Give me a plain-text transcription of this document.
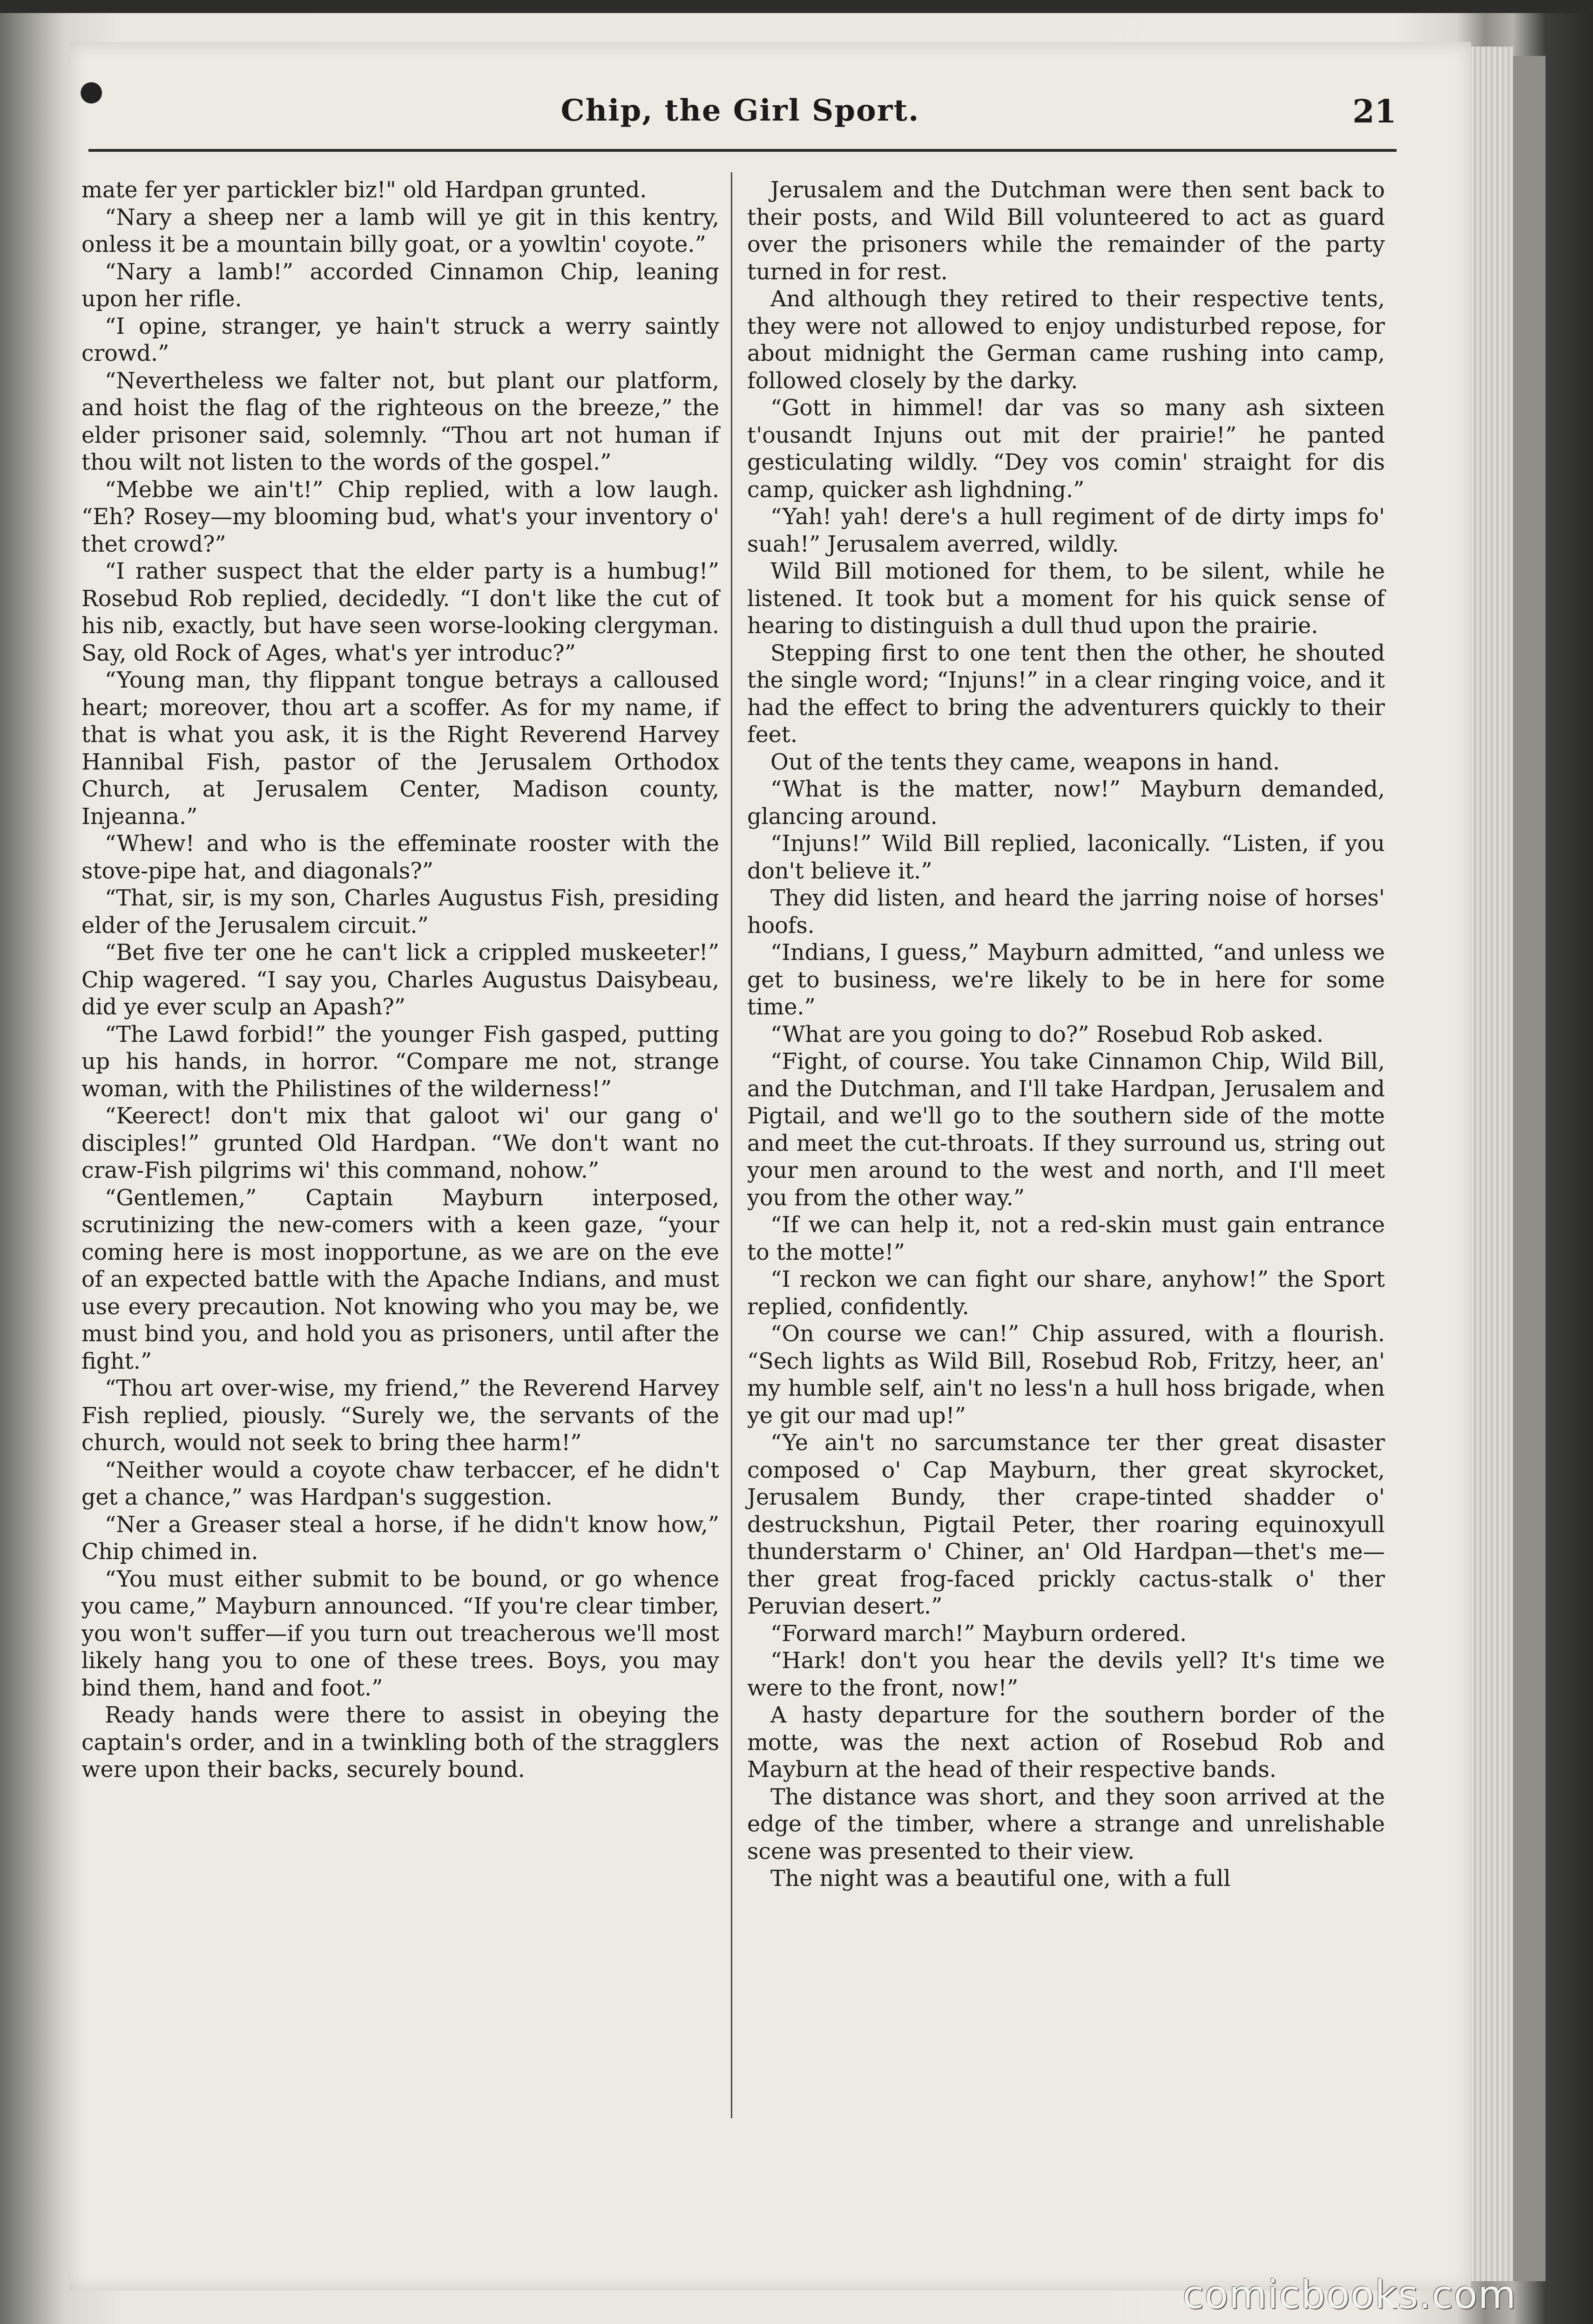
●
Chip, the Girl Sport.	21

mate fer yer partickler biz!" old Hardpan grunted.

“Nary a sheep ner a lamb will ye git in this kentry, onless it be a mountain billy goat, or a yowltin' coyote.”

“Nary a lamb!” accorded Cinnamon Chip, leaning upon her rifle.

“I opine, stranger, ye hain't struck a werry saintly crowd.”

“Nevertheless we falter not, but plant our platform, and hoist the flag of the righteous on the breeze,” the elder prisoner said, solemnly. “Thou art not human if thou wilt not listen to the words of the gospel.”

“Mebbe we ain't!” Chip replied, with a low laugh. “Eh? Rosey—my blooming bud, what's your inventory o' thet crowd?”

“I rather suspect that the elder party is a humbug!” Rosebud Rob replied, decidedly. “I don't like the cut of his nib, exactly, but have seen worse-looking clergyman. Say, old Rock of Ages, what's yer introduc?”

“Young man, thy flippant tongue betrays a calloused heart; moreover, thou art a scoffer. As for my name, if that is what you ask, it is the Right Reverend Harvey Hannibal Fish, pastor of the Jerusalem Orthodox Church, at Jerusalem Center, Madison county, Injeanna.”

“Whew! and who is the effeminate rooster with the stove-pipe hat, and diagonals?”

“That, sir, is my son, Charles Augustus Fish, presiding elder of the Jerusalem circuit.”

“Bet five ter one he can't lick a crippled muskeeter!” Chip wagered. “I say you, Charles Augustus Daisybeau, did ye ever sculp an Apash?”

“The Lawd forbid!” the younger Fish gasped, putting up his hands, in horror. “Compare me not, strange woman, with the Philistines of the wilderness!”

“Keerect! don't mix that galoot wi' our gang o' disciples!” grunted Old Hardpan. “We don't want no craw-Fish pilgrims wi' this command, nohow.”

“Gentlemen,” Captain Mayburn interposed, scrutinizing the new-comers with a keen gaze, “your coming here is most inopportune, as we are on the eve of an expected battle with the Apache Indians, and must use every precaution. Not knowing who you may be, we must bind you, and hold you as prisoners, until after the fight.”

“Thou art over-wise, my friend,” the Reverend Harvey Fish replied, piously. “Surely we, the servants of the church, would not seek to bring thee harm!”

“Neither would a coyote chaw terbaccer, ef he didn't get a chance,” was Hardpan's suggestion.

“Ner a Greaser steal a horse, if he didn't know how,” Chip chimed in.

“You must either submit to be bound, or go whence you came,” Mayburn announced. “If you're clear timber, you won't suffer—if you turn out treacherous we'll most likely hang you to one of these trees. Boys, you may bind them, hand and foot.”

Ready hands were there to assist in obeying the captain's order, and in a twinkling both of the stragglers were upon their backs, securely bound.

Jerusalem and the Dutchman were then sent back to their posts, and Wild Bill volunteered to act as guard over the prisoners while the remainder of the party turned in for rest.

And although they retired to their respective tents, they were not allowed to enjoy undisturbed repose, for about midnight the German came rushing into camp, followed closely by the darky.

“Gott in himmel! dar vas so many ash sixteen t'ousandt Injuns out mit der prairie!” he panted gesticulating wildly. “Dey vos comin' straight for dis camp, quicker ash lighdning.”

“Yah! yah! dere's a hull regiment of de dirty imps fo' suah!” Jerusalem averred, wildly.

Wild Bill motioned for them, to be silent, while he listened. It took but a moment for his quick sense of hearing to distinguish a dull thud upon the prairie.

Stepping first to one tent then the other, he shouted the single word; “Injuns!” in a clear ringing voice, and it had the effect to bring the adventurers quickly to their feet.

Out of the tents they came, weapons in hand.

“What is the matter, now!” Mayburn demanded, glancing around.

“Injuns!” Wild Bill replied, laconically. “Listen, if you don't believe it.”

They did listen, and heard the jarring noise of horses' hoofs.

“Indians, I guess,” Mayburn admitted, “and unless we get to business, we're likely to be in here for some time.”

“What are you going to do?” Rosebud Rob asked.

“Fight, of course. You take Cinnamon Chip, Wild Bill, and the Dutchman, and I'll take Hardpan, Jerusalem and Pigtail, and we'll go to the southern side of the motte and meet the cut-throats. If they surround us, string out your men around to the west and north, and I'll meet you from the other way.”

“If we can help it, not a red-skin must gain entrance to the motte!”

“I reckon we can fight our share, anyhow!” the Sport replied, confidently.

“On course we can!” Chip assured, with a flourish. “Sech lights as Wild Bill, Rosebud Rob, Fritzy, heer, an' my humble self, ain't no less'n a hull hoss brigade, when ye git our mad up!”

“Ye ain't no sarcumstance ter ther great disaster composed o' Cap Mayburn, ther great skyrocket, Jerusalem Bundy, ther crape-tinted shadder o' destruckshun, Pigtail Peter, ther roaring equinoxyull thunderstarm o' Chiner, an' Old Hardpan—thet's me—ther great frog-faced prickly cactus-stalk o' ther Peruvian desert.”

“Forward march!” Mayburn ordered.

“Hark! don't you hear the devils yell? It's time we were to the front, now!”

A hasty departure for the southern border of the motte, was the next action of Rosebud Rob and Mayburn at the head of their respective bands.

The distance was short, and they soon arrived at the edge of the timber, where a strange and unrelishable scene was presented to their view.

The night was a beautiful one, with a full

comicbooks.com
